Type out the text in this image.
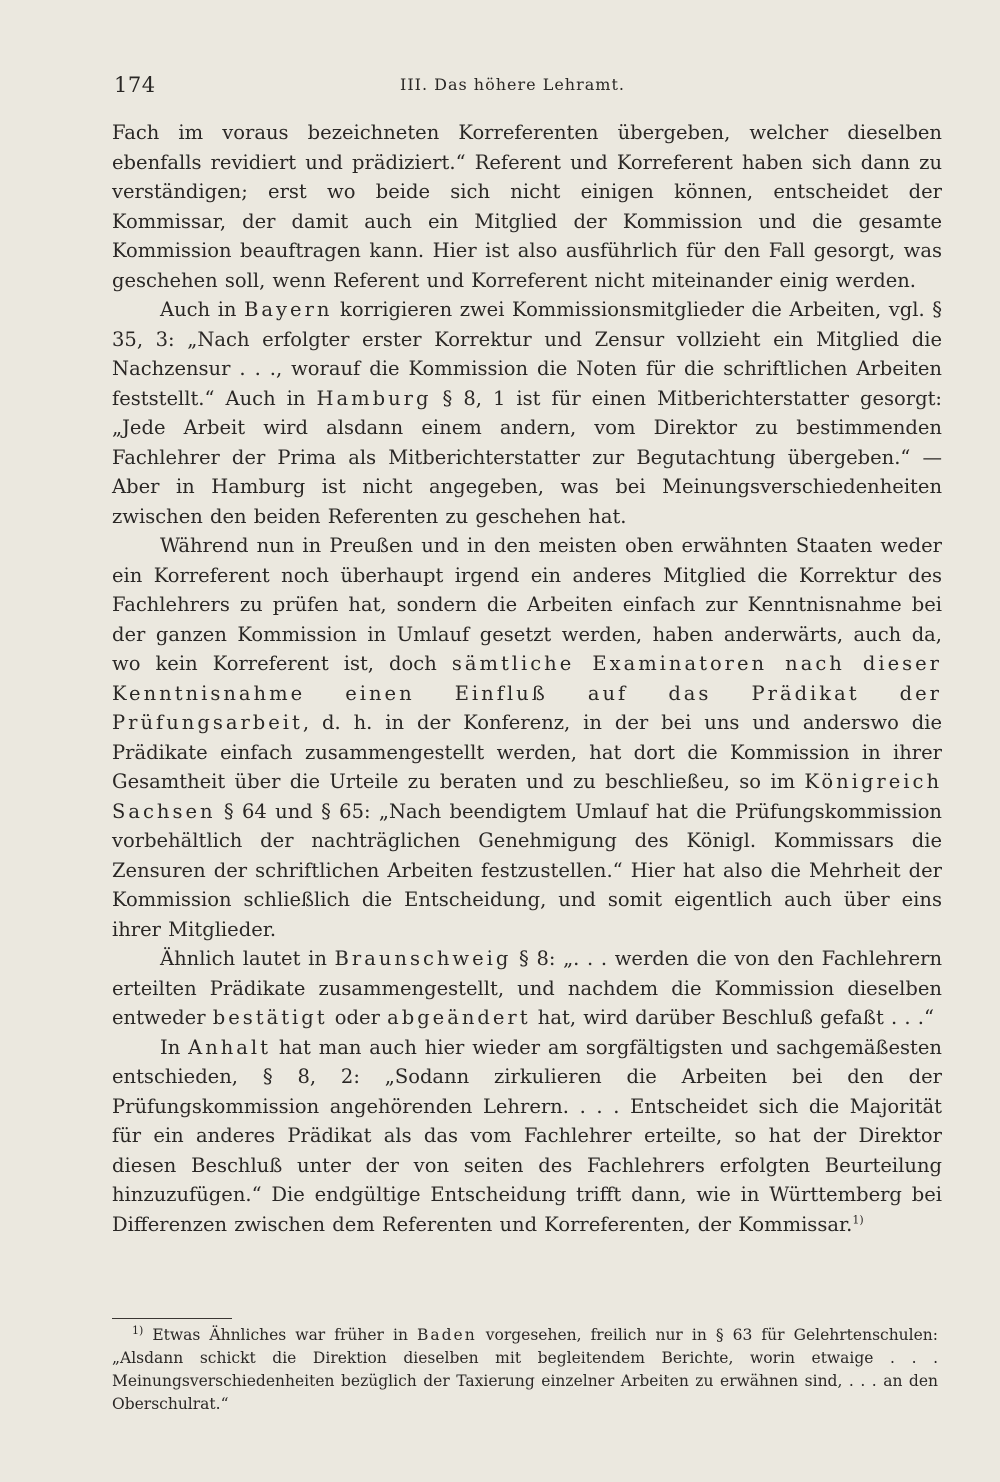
174	III. Das höhere Lehramt.

Fach im voraus bezeichneten Korreferenten übergeben, welcher dieselben ebenfalls revidiert und prädiziert.“ Referent und Korreferent haben sich dann zu verständigen; erst wo beide sich nicht einigen können, entscheidet der Kommissar, der damit auch ein Mitglied der Kommission und die gesamte Kommission beauftragen kann. Hier ist also ausführlich für den Fall gesorgt, was geschehen soll, wenn Referent und Korreferent nicht miteinander einig werden.

Auch in Bayern korrigieren zwei Kommissionsmitglieder die Arbeiten, vgl. § 35, 3: „Nach erfolgter erster Korrektur und Zensur vollzieht ein Mitglied die Nachzensur . . ., worauf die Kommission die Noten für die schriftlichen Arbeiten feststellt.“ Auch in Hamburg § 8, 1 ist für einen Mitberichterstatter gesorgt: „Jede Arbeit wird alsdann einem andern, vom Direktor zu bestimmenden Fachlehrer der Prima als Mitberichterstatter zur Begutachtung übergeben.“ — Aber in Hamburg ist nicht angegeben, was bei Meinungsverschiedenheiten zwischen den beiden Referenten zu geschehen hat.

Während nun in Preußen und in den meisten oben erwähnten Staaten weder ein Korreferent noch überhaupt irgend ein anderes Mitglied die Korrektur des Fachlehrers zu prüfen hat, sondern die Arbeiten einfach zur Kenntnisnahme bei der ganzen Kommission in Umlauf gesetzt werden, haben anderwärts, auch da, wo kein Korreferent ist, doch sämtliche Examinatoren nach dieser Kenntnisnahme einen Einfluß auf das Prädikat der Prüfungsarbeit, d. h. in der Konferenz, in der bei uns und anderswo die Prädikate einfach zusammengestellt werden, hat dort die Kommission in ihrer Gesamtheit über die Urteile zu beraten und zu beschließeu, so im Königreich Sachsen § 64 und § 65: „Nach beendigtem Umlauf hat die Prüfungskommission vorbehältlich der nachträglichen Genehmigung des Königl. Kommissars die Zensuren der schriftlichen Arbeiten festzustellen.“ Hier hat also die Mehrheit der Kommission schließlich die Entscheidung, und somit eigentlich auch über eins ihrer Mitglieder.

Ähnlich lautet in Braunschweig § 8: „. . . werden die von den Fachlehrern erteilten Prädikate zusammengestellt, und nachdem die Kommission dieselben entweder bestätigt oder abgeändert hat, wird darüber Beschluß gefaßt . . .“

In Anhalt hat man auch hier wieder am sorgfältigsten und sachgemäßesten entschieden, § 8, 2: „Sodann zirkulieren die Arbeiten bei den der Prüfungskommission angehörenden Lehrern. . . . Entscheidet sich die Majorität für ein anderes Prädikat als das vom Fachlehrer erteilte, so hat der Direktor diesen Beschluß unter der von seiten des Fachlehrers erfolgten Beurteilung hinzuzufügen.“ Die endgültige Entscheidung trifft dann, wie in Württemberg bei Differenzen zwischen dem Referenten und Korreferenten, der Kommissar.$^{1)}$

$^{1)}$ Etwas Ähnliches war früher in Baden vorgesehen, freilich nur in § 63 für Gelehrtenschulen: „Alsdann schickt die Direktion dieselben mit begleitendem Berichte, worin etwaige . . . Meinungsverschiedenheiten bezüglich der Taxierung einzelner Arbeiten zu erwähnen sind, . . . an den Oberschulrat.“
